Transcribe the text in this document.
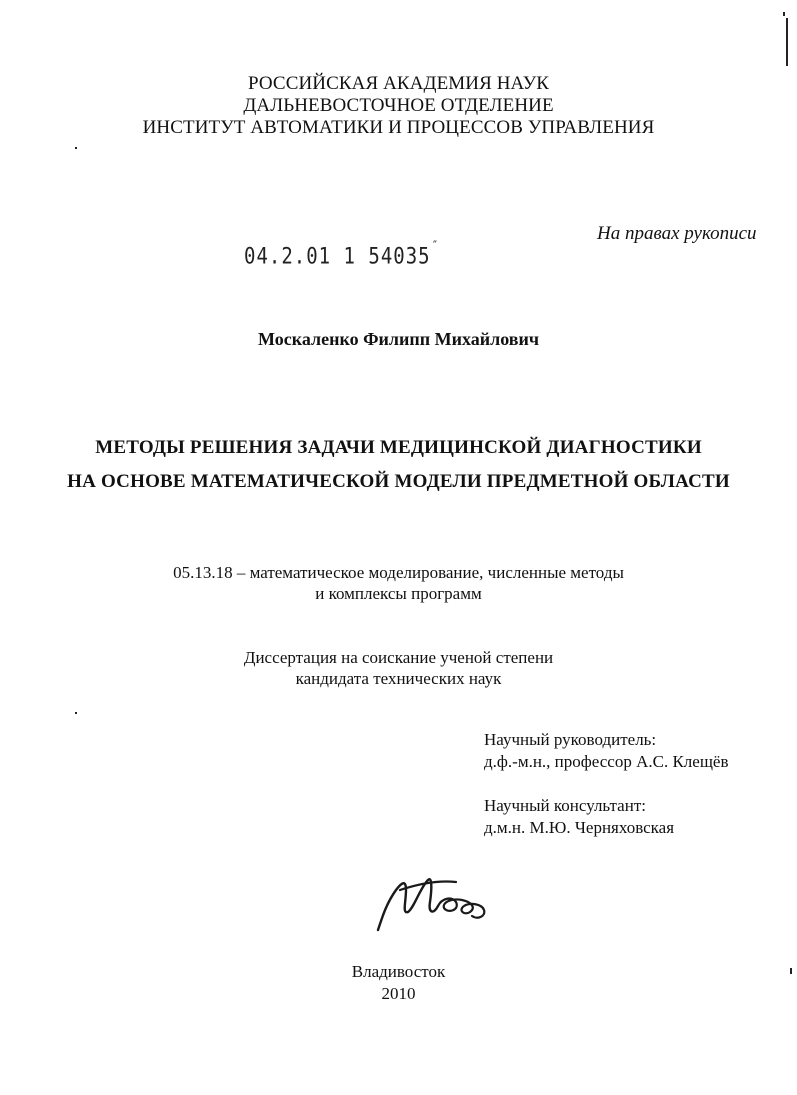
РОССИЙСКАЯ АКАДЕМИЯ НАУК
ДАЛЬНЕВОСТОЧНОЕ ОТДЕЛЕНИЕ
ИНСТИТУТ АВТОМАТИКИ И ПРОЦЕССОВ УПРАВЛЕНИЯ
04.2.01 1 54035″
На правах рукописи
Москаленко Филипп Михайлович
МЕТОДЫ РЕШЕНИЯ ЗАДАЧИ МЕДИЦИНСКОЙ ДИАГНОСТИКИ
НА ОСНОВЕ МАТЕМАТИЧЕСКОЙ МОДЕЛИ ПРЕДМЕТНОЙ ОБЛАСТИ
05.13.18 – математическое моделирование, численные методы
и комплексы программ
Диссертация на соискание ученой степени
кандидата технических наук
Научный руководитель:
д.ф.-м.н., профессор А.С. Клещёв
Научный консультант:
д.м.н. М.Ю. Черняховская
Владивосток
2010
